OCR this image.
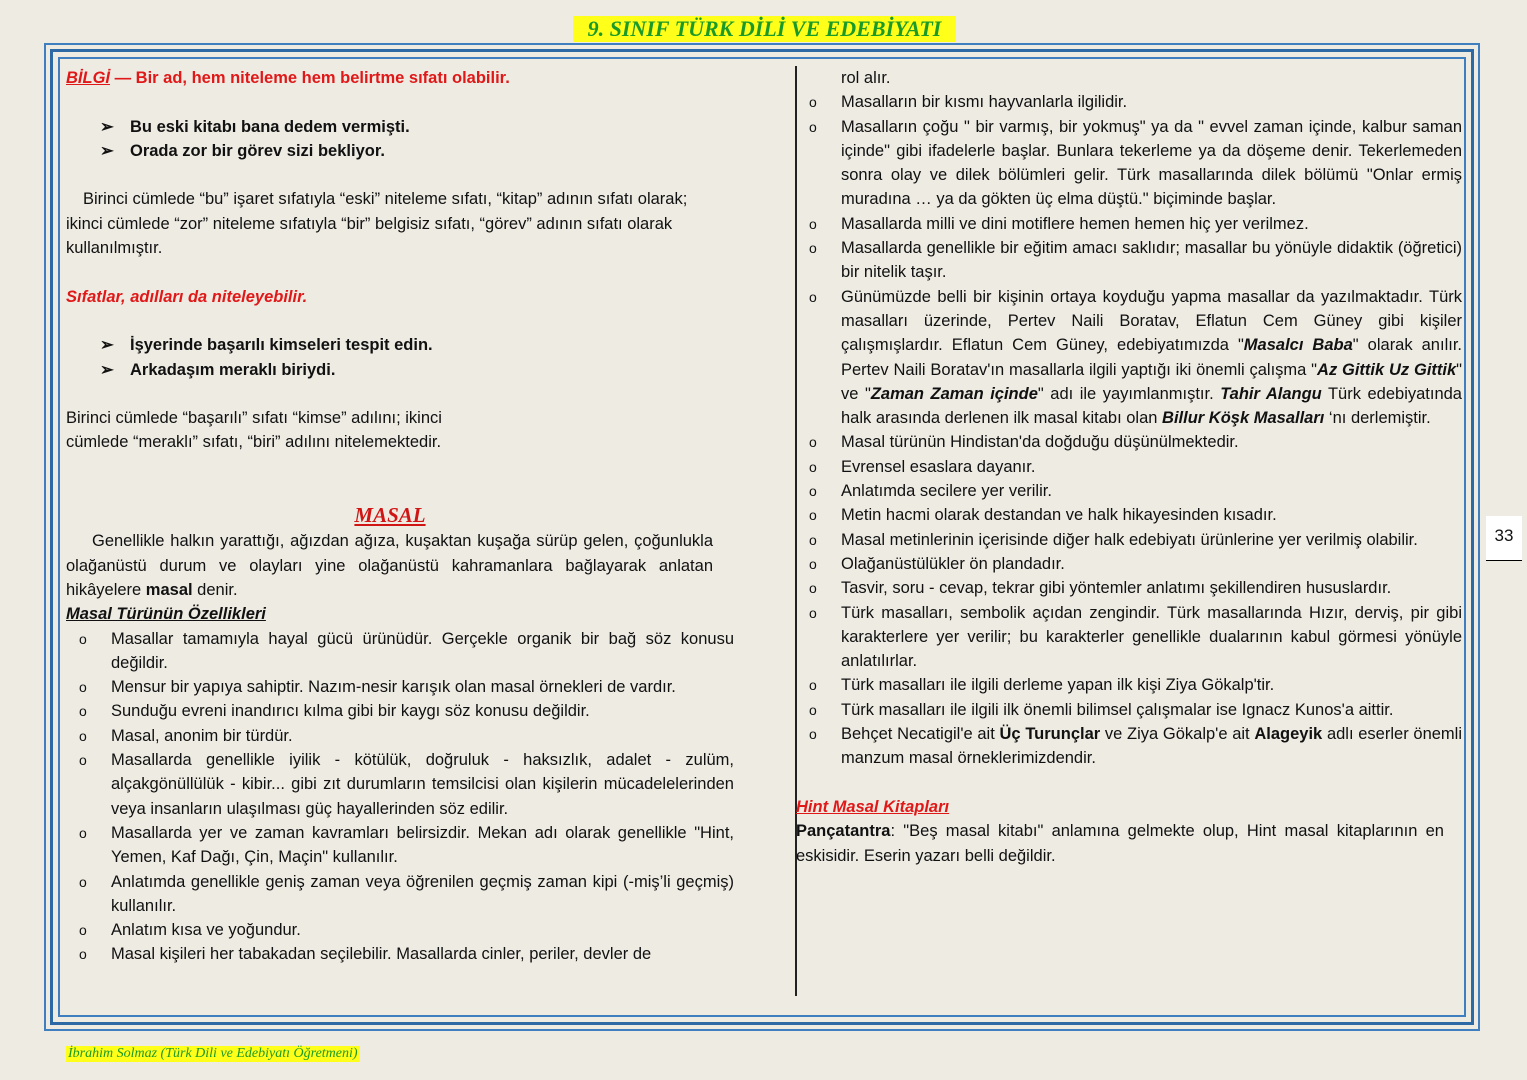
9. SINIF TÜRK DİLİ VE EDEBİYATI

BİLGİ — Bir ad, hem niteleme hem belirtme sıfatı olabilir.

➢ Bu eski kitabı bana dedem vermişti.

➢ Orada zor bir görev sizi bekliyor.

Birinci cümlede “bu” işaret sıfatıyla “eski” niteleme sıfatı, “kitap” adının sıfatı olarak; ikinci cümlede “zor” niteleme sıfatıyla “bir” belgisiz sıfatı, “görev” adının sıfatı olarak kullanılmıştır.

Sıfatlar, adılları da niteleyebilir.

➢ İşyerinde başarılı kimseleri tespit edin.

➢ Arkadaşım meraklı biriydi.

Birinci cümlede “başarılı” sıfatı “kimse” adılını; ikinci

cümlede “meraklı” sıfatı, “biri” adılını nitelemektedir.

MASAL

Genellikle halkın yarattığı, ağızdan ağıza, kuşaktan kuşağa sürüp gelen, çoğunlukla olağanüstü durum ve olayları yine olağanüstü kahramanlara bağlayarak anlatan hikâyelere masal denir.

Masal Türünün Özellikleri

o Masallar tamamıyla hayal gücü ürünüdür. Gerçekle organik bir bağ söz konusu değildir.
o Mensur bir yapıya sahiptir. Nazım-nesir karışık olan masal örnekleri de vardır.
o Sunduğu evreni inandırıcı kılma gibi bir kaygı söz konusu değildir.
o Masal, anonim bir türdür.
o Masallarda genellikle iyilik - kötülük, doğruluk - haksızlık, adalet - zulüm, alçakgönüllülük - kibir... gibi zıt durumların temsilcisi olan kişilerin mücadelelerinden veya insanların ulaşılması güç hayallerinden söz edilir.
o Masallarda yer ve zaman kavramları belirsizdir. Mekan adı olarak genellikle "Hint, Yemen, Kaf Dağı, Çin, Maçin" kullanılır.
o Anlatımda genellikle geniş zaman veya öğrenilen geçmiş zaman kipi (-miş’li geçmiş) kullanılır.
o Anlatım kısa ve yoğundur.
o Masal kişileri her tabakadan seçilebilir. Masallarda cinler, periler, devler de
rol alır.
o Masalların bir kısmı hayvanlarla ilgilidir.
o Masalların çoğu " bir varmış, bir yokmuş" ya da " evvel zaman içinde, kalbur saman içinde" gibi ifadelerle başlar. Bunlara tekerleme ya da döşeme denir. Tekerlemeden sonra olay ve dilek bölümleri gelir. Türk masallarında dilek bölümü "Onlar ermiş muradına … ya da gökten üç elma düştü." biçiminde başlar.
o Masallarda milli ve dini motiflere hemen hemen hiç yer verilmez.
o Masallarda genellikle bir eğitim amacı saklıdır; masallar bu yönüyle didaktik (öğretici) bir nitelik taşır.
o Günümüzde belli bir kişinin ortaya koyduğu yapma masallar da yazılmaktadır. Türk masalları üzerinde, Pertev Naili Boratav, Eflatun Cem Güney gibi kişiler çalışmışlardır. Eflatun Cem Güney, edebiyatımızda "Masalcı Baba" olarak anılır. Pertev Naili Boratav'ın masallarla ilgili yaptığı iki önemli çalışma "Az Gittik Uz Gittik" ve "Zaman Zaman içinde" adı ile yayımlanmıştır. Tahir Alangu Türk edebiyatında halk arasında derlenen ilk masal kitabı olan Billur Köşk Masalları ‘nı derlemiştir.
o Masal türünün Hindistan'da doğduğu düşünülmektedir.
o Evrensel esaslara dayanır.
o Anlatımda secilere yer verilir.
o Metin hacmi olarak destandan ve halk hikayesinden kısadır.
o Masal metinlerinin içerisinde diğer halk edebiyatı ürünlerine yer verilmiş olabilir.
o Olağanüstülükler ön plandadır.
o Tasvir, soru - cevap, tekrar gibi yöntemler anlatımı şekillendiren hususlardır.
o Türk masalları, sembolik açıdan zengindir. Türk masallarında Hızır, derviş, pir gibi karakterlere yer verilir; bu karakterler genellikle dualarının kabul görmesi yönüyle anlatılırlar.
o Türk masalları ile ilgili derleme yapan ilk kişi Ziya Gökalp'tir.
o Türk masalları ile ilgili ilk önemli bilimsel çalışmalar ise Ignacz Kunos'a aittir.
o Behçet Necatigil'e ait Üç Turunçlar ve Ziya Gökalp'e ait Alageyik adlı eserler önemli manzum masal örneklerimizdendir.

Hint Masal Kitapları

Pançatantra: "Beş masal kitabı" anlamına gelmekte olup, Hint masal kitaplarının en eskisidir. Eserin yazarı belli değildir.

33
İbrahim Solmaz (Türk Dili ve Edebiyatı Öğretmeni)
